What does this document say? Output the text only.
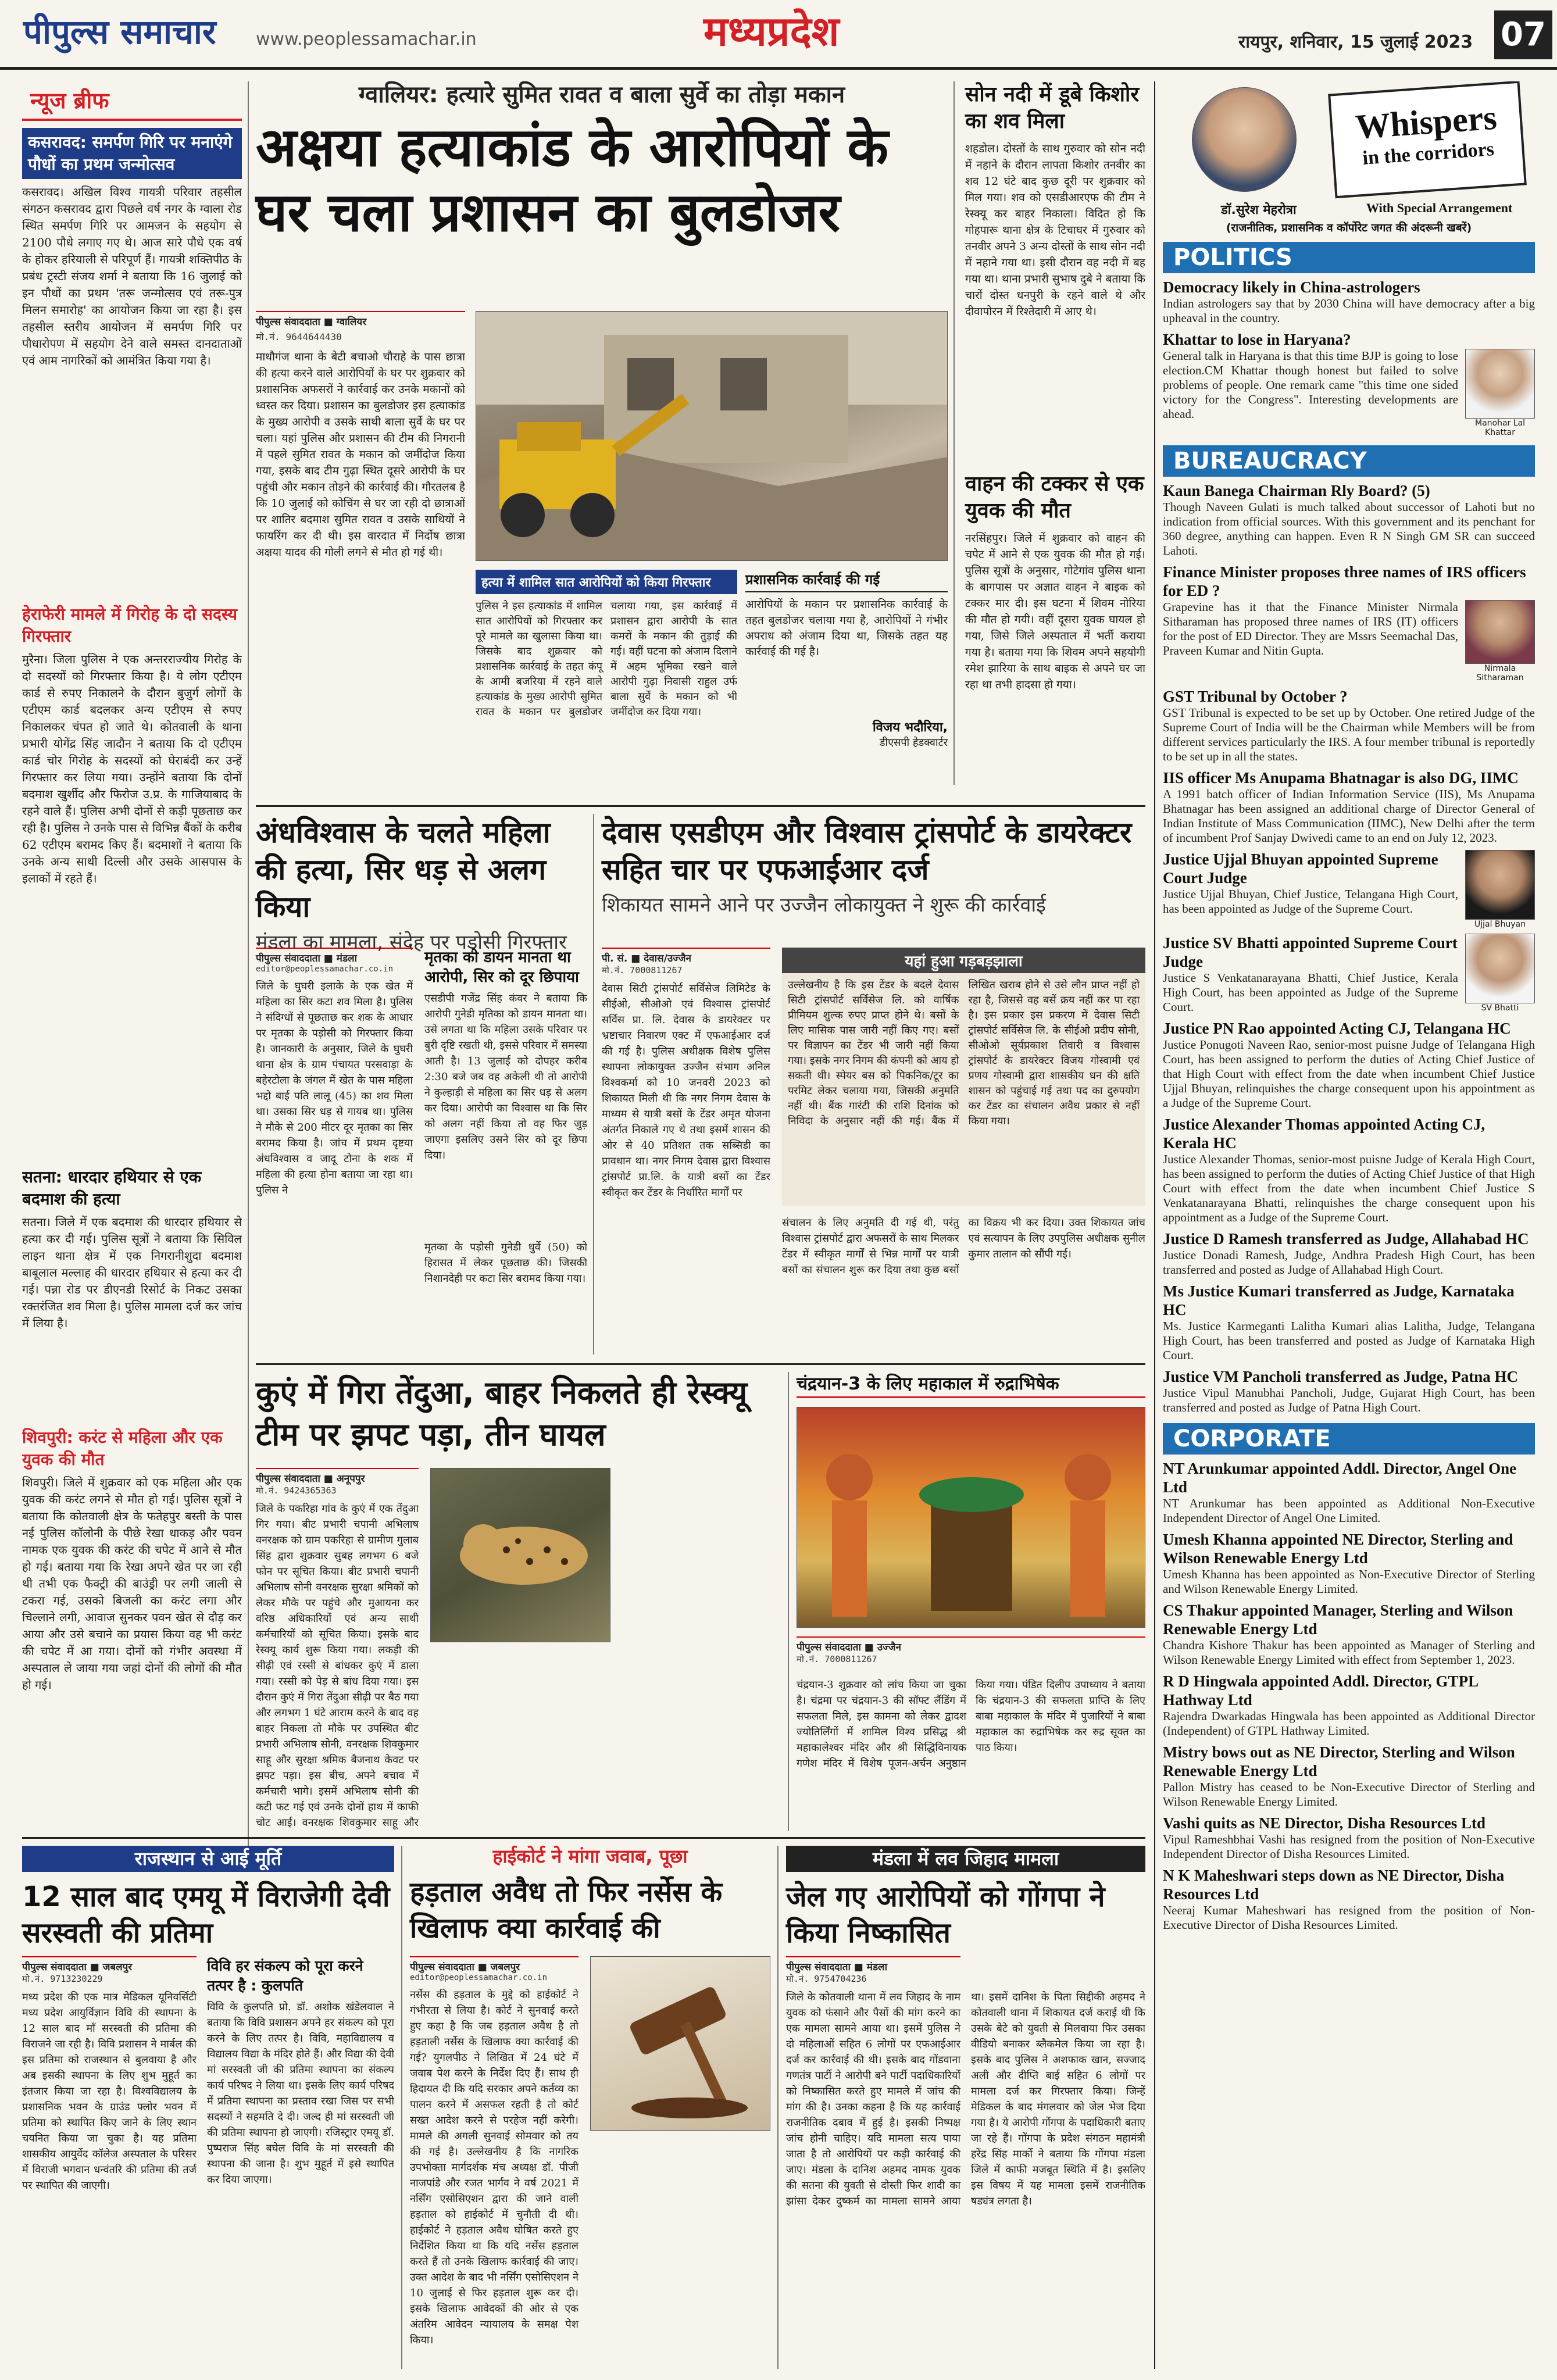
पीपुल्स समाचार www.peoplessamachar.in	मध्यप्रदेश	रायपुर, शनिवार, 15 जुलाई 2023 07
न्यूज ब्रीफ
कसरावद: समर्पण गिरि पर मनाएंगे पौधों का प्रथम जन्मोत्सव
कसरावद। अखिल विश्व गायत्री परिवार तहसील संगठन कसरावद द्वारा पिछले वर्ष नगर के ग्वाला रोड स्थित समर्पण गिरि पर आमजन के सहयोग से 2100 पौधे लगाए गए थे। आज सारे पौधे एक वर्ष के होकर हरियाली से परिपूर्ण हैं। गायत्री शक्तिपीठ के प्रबंध ट्रस्टी संजय शर्मा ने बताया कि 16 जुलाई को इन पौधों का प्रथम 'तरू जन्मोत्सव एवं तरू-पुत्र मिलन समारोह' का आयोजन किया जा रहा है। इस तहसील स्तरीय आयोजन में समर्पण गिरि पर पौधारोपण में सहयोग देने वाले समस्त दानदाताओं एवं आम नागरिकों को आमंत्रित किया गया है।
हेराफेरी मामले में गिरोह के दो सदस्य गिरफ्तार
मुरैना। जिला पुलिस ने एक अन्तरराज्यीय गिरोह के दो सदस्यों को गिरफ्तार किया है। ये लोग एटीएम कार्ड से रुपए निकालने के दौरान बुजुर्ग लोगों के एटीएम कार्ड बदलकर अन्य एटीएम से रुपए निकालकर चंपत हो जाते थे। कोतवाली के थाना प्रभारी योगेंद्र सिंह जादौन ने बताया कि दो एटीएम कार्ड चोर गिरोह के सदस्यों को घेराबंदी कर उन्हें गिरफ्तार कर लिया गया। उन्होंने बताया कि दोनों बदमाश खुर्शीद और फिरोज उ.प्र. के गाजियाबाद के रहने वाले हैं। पुलिस अभी दोनों से कड़ी पूछताछ कर रही है। पुलिस ने उनके पास से विभिन्न बैंकों के करीब 62 एटीएम बरामद किए हैं। बदमाशों ने बताया कि उनके अन्य साथी दिल्ली और उसके आसपास के इलाकों में रहते हैं।
सतना: धारदार हथियार से एक बदमाश की हत्या
सतना। जिले में एक बदमाश की धारदार हथियार से हत्या कर दी गई। पुलिस सूत्रों ने बताया कि सिविल लाइन थाना क्षेत्र में एक निगरानीशुदा बदमाश बाबूलाल मल्लाह की धारदार हथियार से हत्या कर दी गई। पन्ना रोड पर डीएनडी रिसोर्ट के निकट उसका रक्तरंजित शव मिला है। पुलिस मामला दर्ज कर जांच में लिया है।
शिवपुरी: करंट से महिला और एक युवक की मौत
शिवपुरी। जिले में शुक्रवार को एक महिला और एक युवक की करंट लगने से मौत हो गई। पुलिस सूत्रों ने बताया कि कोतवाली क्षेत्र के फतेहपुर बस्ती के पास नई पुलिस कॉलोनी के पीछे रेखा धाकड़ और पवन नामक एक युवक की करंट की चपेट में आने से मौत हो गई। बताया गया कि रेखा अपने खेत पर जा रही थी तभी एक फैक्ट्री की बाउंड्री पर लगी जाली से टकरा गई, उसको बिजली का करंट लगा और चिल्लाने लगी, आवाज सुनकर पवन खेत से दौड़ कर आया और उसे बचाने का प्रयास किया वह भी करंट की चपेट में आ गया। दोनों को गंभीर अवस्था में अस्पताल ले जाया गया जहां दोनों की लोगों की मौत हो गई।
ग्वालियर: हत्यारे सुमित रावत व बाला सुर्वे का तोड़ा मकान
अक्षया हत्याकांड के आरोपियों के घर चला प्रशासन का बुलडोजर
पीपुल्स संवाददाता ■ ग्वालियर
मो.नं. 9644644430
माधौगंज थाना के बेटी बचाओ चौराहे के पास छात्रा की हत्या करने वाले आरोपियों के घर पर शुक्रवार को प्रशासनिक अफसरों ने कार्रवाई कर उनके मकानों को ध्वस्त कर दिया। प्रशासन का बुलडोजर इस हत्याकांड के मुख्य आरोपी व उसके साथी बाला सुर्वे के घर पर चला। यहां पुलिस और प्रशासन की टीम की निगरानी में पहले सुमित रावत के मकान को जमींदोज किया गया, इसके बाद टीम गुढ़ा स्थित दूसरे आरोपी के घर पहुंची और मकान तोड़ने की कार्रवाई की। गौरतलब है कि 10 जुलाई को कोचिंग से घर जा रही दो छात्राओं पर शातिर बदमाश सुमित रावत व उसके साथियों ने फायरिंग कर दी थी। इस वारदात में निर्दोष छात्रा अक्षया यादव की गोली लगने से मौत हो गई थी।
हत्या में शामिल सात आरोपियों को किया गिरफ्तार
पुलिस ने इस हत्याकांड में शामिल सात आरोपियों को गिरफ्तार कर पूरे मामले का खुलासा किया था। जिसके बाद शुक्रवार को प्रशासनिक कार्रवाई के तहत कंपू के आमी बजरिया में रहने वाले हत्याकांड के मुख्य आरोपी सुमित रावत के मकान पर बुलडोजर चलाया गया, इस कार्रवाई में प्रशासन द्वारा आरोपी के सात कमरों के मकान की तुड़ाई की गई। वहीं घटना को अंजाम दिलाने में अहम भूमिका रखने वाले आरोपी गुढ़ा निवासी राहुल उर्फ बाला सुर्वे के मकान को भी जमींदोज कर दिया गया।
प्रशासनिक कार्रवाई की गई
आरोपियों के मकान पर प्रशासनिक कार्रवाई के तहत बुलडोजर चलाया गया है, आरोपियों ने गंभीर अपराध को अंजाम दिया था, जिसके तहत यह कार्रवाई की गई है।
विजय भदौरिया,
डीएसपी हेडक्वार्टर
सोन नदी में डूबे किशोर का शव मिला
शहडोल। दोस्तों के साथ गुरुवार को सोन नदी में नहाने के दौरान लापता किशोर तनवीर का शव 12 घंटे बाद कुछ दूरी पर शुक्रवार को मिल गया। शव को एसडीआरएफ की टीम ने रेस्क्यू कर बाहर निकाला। विदित हो कि गोहपारू थाना क्षेत्र के टिचाघर में गुरुवार को तनवीर अपने 3 अन्य दोस्तों के साथ सोन नदी में नहाने गया था। इसी दौरान वह नदी में बह गया था। थाना प्रभारी सुभाष दुबे ने बताया कि चारों दोस्त धनपुरी के रहने वाले थे और दीवापोरन में रिश्तेदारी में आए थे।
वाहन की टक्कर से एक युवक की मौत
नरसिंहपुर। जिले में शुक्रवार को वाहन की चपेट में आने से एक युवक की मौत हो गई। पुलिस सूत्रों के अनुसार, गोटेगांव पुलिस थाना के बागपास पर अज्ञात वाहन ने बाइक को टक्कर मार दी। इस घटना में शिवम नोरिया की मौत हो गयी। वहीं दूसरा युवक घायल हो गया, जिसे जिले अस्पताल में भर्ती कराया गया है। बताया गया कि शिवम अपने सहयोगी रमेश झारिया के साथ बाइक से अपने घर जा रहा था तभी हादसा हो गया।
अंधविश्वास के चलते महिला की हत्या, सिर धड़ से अलग किया
मंडला का मामला, संदेह पर पड़ोसी गिरफ्तार
पीपुल्स संवाददाता ■ मंडला
editor@peoplessamachar.co.in
जिले के घुघरी इलाके के एक खेत में महिला का सिर कटा शव मिला है। पुलिस ने संदिग्धों से पूछताछ कर शक के आधार पर मृतका के पड़ोसी को गिरफ्तार किया है। जानकारी के अनुसार, जिले के घुघरी थाना क्षेत्र के ग्राम पंचायत परसवाड़ा के बहेरटोला के जंगल में खेत के पास महिला भद्दो बाई पति लालू (45) का शव मिला था। उसका सिर धड़ से गायब था। पुलिस ने मौके से 200 मीटर दूर मृतका का सिर बरामद किया है। जांच में प्रथम दृष्टया अंधविश्वास व जादू टोना के शक में महिला की हत्या होना बताया जा रहा था। पुलिस ने
मृतका को डायन मानता था आरोपी, सिर को दूर छिपाया
एसडीपी गजेंद्र सिंह कंवर ने बताया कि आरोपी गुनेडी मृतिका को डायन मानता था। उसे लगता था कि महिला उसके परिवार पर बुरी दृष्टि रखती थी, इससे परिवार में समस्या आती है। 13 जुलाई को दोपहर करीब 2:30 बजे जब वह अकेली थी तो आरोपी ने कुल्हाड़ी से महिला का सिर धड़ से अलग कर दिया। आरोपी का विश्वास था कि सिर को अलग नहीं किया तो वह फिर जुड़ जाएगा इसलिए उसने सिर को दूर छिपा दिया।
मृतका के पड़ोसी गुनेडी धुर्वे (50) को हिरासत में लेकर पूछताछ की। जिसकी निशानदेही पर कटा सिर बरामद किया गया।
देवास एसडीएम और विश्वास ट्रांसपोर्ट के डायरेक्टर सहित चार पर एफआईआर दर्ज
शिकायत सामने आने पर उज्जैन लोकायुक्त ने शुरू की कार्रवाई
पी. सं. ■ देवास/उज्जैन
मो.नं. 7000811267
देवास सिटी ट्रांसपोर्ट सर्विसेज लिमिटेड के सीईओ, सीओओ एवं विश्वास ट्रांसपोर्ट सर्विस प्रा. लि. देवास के डायरेक्टर पर भ्रष्टाचार निवारण एक्ट में एफआईआर दर्ज की गई है। पुलिस अधीक्षक विशेष पुलिस स्थापना लोकायुक्त उज्जैन संभाग अनिल विश्वकर्मा को 10 जनवरी 2023 को शिकायत मिली थी कि नगर निगम देवास के माध्यम से यात्री बसों के टेंडर अमृत योजना अंतर्गत निकाले गए थे तथा इसमें शासन की ओर से 40 प्रतिशत तक सब्सिडी का प्रावधान था। नगर निगम देवास द्वारा विश्वास ट्रांसपोर्ट प्रा.लि. के यात्री बसों का टेंडर स्वीकृत कर टेंडर के निर्धारित मार्गों पर
यहां हुआ गड़बड़झाला
उल्लेखनीय है कि इस टेंडर के बदले देवास सिटी ट्रांसपोर्ट सर्विसेज लि. को वार्षिक प्रीमियम शुल्क रुपए प्राप्त होने थे। बसों के लिए मासिक पास जारी नहीं किए गए। बसों पर विज्ञापन का टेंडर भी जारी नहीं किया गया। इसके नगर निगम की कंपनी को आय हो सकती थी। स्पेयर बस को पिकनिक/टूर का परमिट लेकर चलाया गया, जिसकी अनुमति नहीं थी। बैंक गारंटी की राशि दिनांक को निविदा के अनुसार नहीं की गई। बैंक में लिखित खराब होने से उसे लौन प्राप्त नहीं हो रहा है, जिससे वह बसें क्रय नहीं कर पा रहा है। इस प्रकार इस प्रकरण में देवास सिटी ट्रांसपोर्ट सर्विसेज लि. के सीईओ प्रदीप सोनी, सीओओ सूर्यप्रकाश तिवारी व विश्वास ट्रांसपोर्ट के डायरेक्टर विजय गोस्वामी एवं प्रणय गोस्वामी द्वारा शासकीय धन की क्षति शासन को पहुंचाई गई तथा पद का दुरुपयोग कर टेंडर का संचालन अवैध प्रकार से नहीं किया गया।
संचालन के लिए अनुमति दी गई थी, परंतु विश्वास ट्रांसपोर्ट द्वारा अफसरों के साथ मिलकर टेंडर में स्वीकृत मार्गों से भिन्न मार्गों पर यात्री बसों का संचालन शुरू कर दिया तथा कुछ बसों का विक्रय भी कर दिया। उक्त शिकायत जांच एवं सत्यापन के लिए उपपुलिस अधीक्षक सुनील कुमार तालान को सौंपी गई।
कुएं में गिरा तेंदुआ, बाहर निकलते ही रेस्क्यू टीम पर झपट पड़ा, तीन घायल
पीपुल्स संवाददाता ■ अनूपपुर
मो.नं. 9424365363
जिले के पकरिहा गांव के कुएं में एक तेंदुआ गिर गया। बीट प्रभारी चपानी अभिलाष वनरक्षक को ग्राम पकरिहा से ग्रामीण गुलाब सिंह द्वारा शुक्रवार सुबह लगभग 6 बजे फोन पर सूचित किया। बीट प्रभारी चपानी अभिलाष सोनी वनरक्षक सुरक्षा श्रमिकों को लेकर मौके पर पहुंचे और मुआयना कर वरिष्ठ अधिकारियों एवं अन्य साथी कर्मचारियों को सूचित किया। इसके बाद रेस्क्यू कार्य शुरू किया गया। लकड़ी की सीढ़ी एवं रस्सी से बांधकर कुएं में डाला गया। रस्सी को पेड़ से बांध दिया गया। इस दौरान कुएं में गिरा तेंदुआ सीढ़ी पर बैठ गया और लगभग 1 घंटे आराम करने के बाद वह बाहर निकला तो मौके पर उपस्थित बीट प्रभारी अभिलाष सोनी, वनरक्षक शिवकुमार साहू और सुरक्षा श्रमिक बैजनाथ केवट पर झपट पड़ा। इस बीच, अपने बचाव में कर्मचारी भागे। इसमें अभिलाष सोनी की कटी फट गई एवं उनके दोनों हाथ में काफी चोट आई। वनरक्षक शिवकुमार साहू और
चंद्रयान-3 के लिए महाकाल में रुद्राभिषेक
पीपुल्स संवाददाता ■ उज्जैन
मो.नं. 7000811267
चंद्रयान-3 शुक्रवार को लांच किया जा चुका है। चंद्रमा पर चंद्रयान-3 की सॉफ्ट लैंडिंग में सफलता मिले, इस कामना को लेकर द्वादश ज्योतिर्लिंगों में शामिल विश्व प्रसिद्ध श्री महाकालेश्वर मंदिर और श्री सिद्धिविनायक गणेश मंदिर में विशेष पूजन-अर्चन अनुष्ठान किया गया। पंडित दिलीप उपाध्याय ने बताया कि चंद्रयान-3 की सफलता प्राप्ति के लिए बाबा महाकाल के मंदिर में पुजारियों ने बाबा महाकाल का रुद्राभिषेक कर रुद्र सूक्त का पाठ किया।
राजस्थान से आई मूर्ति
12 साल बाद एमयू में विराजेगी देवी सरस्वती की प्रतिमा
पीपुल्स संवाददाता ■ जबलपुर
मो.नं. 9713230229
मध्य प्रदेश की एक मात्र मेडिकल यूनिवर्सिटी मध्य प्रदेश आयुर्विज्ञान विवि की स्थापना के 12 साल बाद माँ सरस्वती की प्रतिमा की विराजने जा रही है। विवि प्रशासन ने मार्बल की इस प्रतिमा को राजस्थान से बुलवाया है और अब इसकी स्थापना के लिए शुभ मुहूर्त का इंतजार किया जा रहा है। विश्वविद्यालय के प्रशासनिक भवन के ग्राउंड फ्लोर भवन में प्रतिमा को स्थापित किए जाने के लिए स्थान चयनित किया जा चुका है। यह प्रतिमा शासकीय आयुर्वेद कॉलेज अस्पताल के परिसर में विराजी भगवान धन्वंतरि की प्रतिमा की तर्ज पर स्थापित की जाएगी।
विवि हर संकल्प को पूरा करने तत्पर है : कुलपति
विवि के कुलपति प्रो. डॉ. अशोक खंडेलवाल ने बताया कि विवि प्रशासन अपने हर संकल्प को पूरा करने के लिए तत्पर है। विवि, महाविद्यालय व विद्यालय विद्या के मंदिर होते हैं। और विद्या की देवी मां सरस्वती जी की प्रतिमा स्थापना का संकल्प कार्य परिषद ने लिया था। इसके लिए कार्य परिषद में प्रतिमा स्थापना का प्रस्ताव रखा जिस पर सभी सदस्यों ने सहमति दे दी। जल्द ही मां सरस्वती जी की प्रतिमा स्थापना हो जाएगी। रजिस्ट्रार एमयू डॉ. पुष्पराज सिंह बघेल विवि के मां सरस्वती की स्थापना की जाना है। शुभ मुहूर्त में इसे स्थापित कर दिया जाएगा।
हाईकोर्ट ने मांगा जवाब, पूछा
हड़ताल अवैध तो फिर नर्सेस के खिलाफ क्या कार्रवाई की
पीपुल्स संवाददाता ■ जबलपुर
editor@peoplessamachar.co.in
नर्सेस की हड़ताल के मुद्दे को हाईकोर्ट ने गंभीरता से लिया है। कोर्ट ने सुनवाई करते हुए कहा है कि जब हड़ताल अवैध है तो हड़ताली नर्सेस के खिलाफ क्या कार्रवाई की गई? युगलपीठ ने लिखित में 24 घंटे में जवाब पेश करने के निर्देश दिए हैं। साथ ही हिदायत दी कि यदि सरकार अपने कर्तव्य का पालन करने में असफल रहती है तो कोर्ट सख्त आदेश करने से परहेज नहीं करेगी। मामले की अगली सुनवाई सोमवार को तय की गई है। उल्लेखनीय है कि नागरिक उपभोक्ता मार्गदर्शक मंच अध्यक्ष डॉ. पीजी नाजपांडे और रजत भार्गव ने वर्ष 2021 में नर्सिंग एसोसिएशन द्वारा की जाने वाली हड़ताल को हाईकोर्ट में चुनौती दी थी। हाईकोर्ट ने हड़ताल अवैध घोषित करते हुए निर्देशित किया था कि यदि नर्सेस हड़ताल करते हैं तो उनके खिलाफ कार्रवाई की जाए। उक्त आदेश के बाद भी नर्सिंग एसोसिएशन ने 10 जुलाई से फिर हड़ताल शुरू कर दी। इसके खिलाफ आवेदकों की ओर से एक अंतरिम आवेदन न्यायालय के समक्ष पेश किया।
मंडला में लव जिहाद मामला
जेल गए आरोपियों को गोंगपा ने किया निष्कासित
पीपुल्स संवाददाता ■ मंडला
मो.नं. 9754704236
जिले के कोतवाली थाना में लव जिहाद के नाम युवक को फंसाने और पैसों की मांग करने का एक मामला सामने आया था। इसमें पुलिस ने दो महिलाओं सहित 6 लोगों पर एफआईआर दर्ज कर कार्रवाई की थी। इसके बाद गोंडवाना गणतंत्र पार्टी ने आरोपी बने पार्टी पदाधिकारियों को निष्कासित करते हुए मामले में जांच की मांग की है। उनका कहना है कि यह कार्रवाई राजनीतिक दबाव में हुई है। इसकी निष्पक्ष जांच होनी चाहिए। यदि मामला सत्य पाया जाता है तो आरोपियों पर कड़ी कार्रवाई की जाए। मंडला के दानिश अहमद नामक युवक की सतना की युवती से दोस्ती फिर शादी का झांसा देकर दुष्कर्म का मामला सामने आया था। इसमें दानिश के पिता सिद्दीकी अहमद ने कोतवाली थाना में शिकायत दर्ज कराई थी कि उसके बेटे को युवती से मिलवाया फिर उसका वीडियो बनाकर ब्लैकमेल किया जा रहा है। इसके बाद पुलिस ने अशफाक खान, सज्जाद अली और दीप्ति बाई सहित 6 लोगों पर मामला दर्ज कर गिरफ्तार किया। जिन्हें मेडिकल के बाद मंगलवार को जेल भेज दिया गया है। ये आरोपी गोंगपा के पदाधिकारी बताए जा रहे हैं। गोंगपा के प्रदेश संगठन महामंत्री हरेंद्र सिंह मार्को ने बताया कि गोंगपा मंडला जिले में काफी मजबूत स्थिति में है। इसलिए इस विषय में यह मामला इसमें राजनीतिक षड्यंत्र लगता है।
Whispers
in the corridors
डॉ.सुरेश मेहरोत्रा	With Special Arrangement
(राजनीतिक, प्रशासनिक व कॉर्पोरेट जगत की अंदरूनी खबरें)
POLITICS
Democracy likely in China-astrologers
Indian astrologers say that by 2030 China will have democracy after a big upheaval in the country.
Khattar to lose in Haryana?
General talk in Haryana is that this time BJP is going to lose election.CM Khattar though honest but failed to solve problems of people. One remark came "this time one sided victory for the Congress". Interesting developments are ahead.
Manohar Lal Khattar
BUREAUCRACY
Kaun Banega Chairman Rly Board? (5)
Though Naveen Gulati is much talked about successor of Lahoti but no indication from official sources. With this government and its penchant for 360 degree, anything can happen. Even R N Singh GM SR can succeed Lahoti.
Finance Minister proposes three names of IRS officers for ED ?
Grapevine has it that the Finance Minister Nirmala Sitharaman has proposed three names of IRS (IT) officers for the post of ED Director. They are Mssrs Seemachal Das, Praveen Kumar and Nitin Gupta.
Nirmala Sitharaman
GST Tribunal by October ?
GST Tribunal is expected to be set up by October. One retired Judge of the Supreme Court of India will be the Chairman while Members will be from different services particularly the IRS. A four member tribunal is reportedly to be set up in all the states.
IIS officer Ms Anupama Bhatnagar is also DG, IIMC
A 1991 batch officer of Indian Information Service (IIS), Ms Anupama Bhatnagar has been assigned an additional charge of Director General of Indian Institute of Mass Communication (IIMC), New Delhi after the term of incumbent Prof Sanjay Dwivedi came to an end on July 12, 2023.
Justice Ujjal Bhuyan appointed Supreme Court Judge
Justice Ujjal Bhuyan, Chief Justice, Telangana High Court, has been appointed as Judge of the Supreme Court.
Ujjal Bhuyan
Justice SV Bhatti appointed Supreme Court Judge
Justice S Venkatanarayana Bhatti, Chief Justice, Kerala High Court, has been appointed as Judge of the Supreme Court.	SV Bhatti
Justice PN Rao appointed Acting CJ, Telangana HC
Justice Ponugoti Naveen Rao, senior-most puisne Judge of Telangana High Court, has been assigned to perform the duties of Acting Chief Justice of that High Court with effect from the date when incumbent Chief Justice Ujjal Bhuyan, relinquishes the charge consequent upon his appointment as a Judge of the Supreme Court.
Justice Alexander Thomas appointed Acting CJ, Kerala HC
Justice Alexander Thomas, senior-most puisne Judge of Kerala High Court, has been assigned to perform the duties of Acting Chief Justice of that High Court with effect from the date when incumbent Chief Justice S Venkatanarayana Bhatti, relinquishes the charge consequent upon his appointment as a Judge of the Supreme Court.
Justice D Ramesh transferred as Judge, Allahabad HC
Justice Donadi Ramesh, Judge, Andhra Pradesh High Court, has been transferred and posted as Judge of Allahabad High Court.
Ms Justice Kumari transferred as Judge, Karnataka HC
Ms. Justice Karmeganti Lalitha Kumari alias Lalitha, Judge, Telangana High Court, has been transferred and posted as Judge of Karnataka High Court.
Justice VM Pancholi transferred as Judge, Patna HC
Justice Vipul Manubhai Pancholi, Judge, Gujarat High Court, has been transferred and posted as Judge of Patna High Court.
CORPORATE
NT Arunkumar appointed Addl. Director, Angel One Ltd
NT Arunkumar has been appointed as Additional Non-Executive Independent Director of Angel One Limited.
Umesh Khanna appointed NE Director, Sterling and Wilson Renewable Energy Ltd
Umesh Khanna has been appointed as Non-Executive Director of Sterling and Wilson Renewable Energy Limited.
CS Thakur appointed Manager, Sterling and Wilson Renewable Energy Ltd
Chandra Kishore Thakur has been appointed as Manager of Sterling and Wilson Renewable Energy Limited with effect from September 1, 2023.
R D Hingwala appointed Addl. Director, GTPL Hathway Ltd
Rajendra Dwarkadas Hingwala has been appointed as Additional Director (Independent) of GTPL Hathway Limited.
Mistry bows out as NE Director, Sterling and Wilson Renewable Energy Ltd
Pallon Mistry has ceased to be Non-Executive Director of Sterling and Wilson Renewable Energy Limited.
Vashi quits as NE Director, Disha Resources Ltd
Vipul Rameshbhai Vashi has resigned from the position of Non-Executive Independent Director of Disha Resources Limited.
N K Maheshwari steps down as NE Director, Disha Resources Ltd
Neeraj Kumar Maheshwari has resigned from the position of Non-Executive Director of Disha Resources Limited.
